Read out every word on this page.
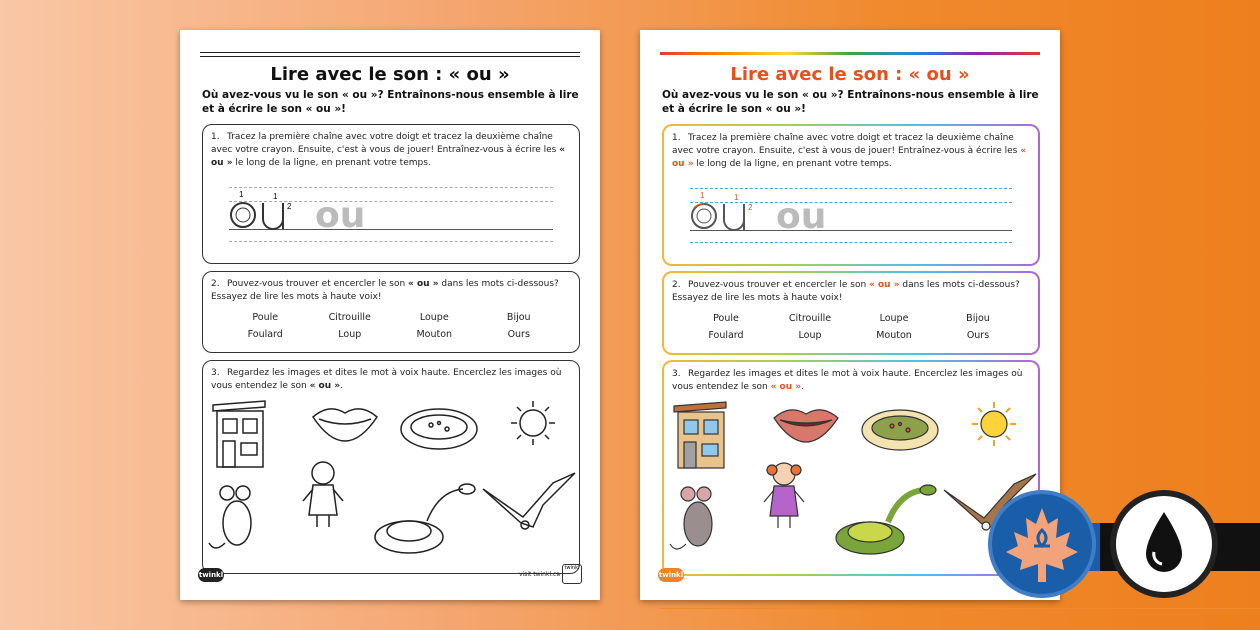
Lire avec le son : « ou »
Où avez-vous vu le son « ou »? Entraînons-nous ensemble à lire et à écrire le son « ou »!
1. Tracez la première chaîne avec votre doigt et tracez la deuxième chaîne avec votre crayon. Ensuite, c'est à vous de jouer! Entraînez-vous à écrire les « ou » le long de la ligne, en prenant votre temps.
1	1
2 ou
2. Pouvez-vous trouver et encercler le son « ou » dans les mots ci-dessous? Essayez de lire les mots à haute voix!
Poule	Citrouille	Loupe	Bijou
Foulard	Loup	Mouton	Ours
3. Regardez les images et dites le mot à voix haute. Encerclez les images où vous entendez le son « ou ».
twinkl	visit twinkl.ca
twinkl
Lire avec le son : « ou »
Où avez-vous vu le son « ou »? Entraînons-nous ensemble à lire et à écrire le son « ou »!
1. Tracez la première chaîne avec votre doigt et tracez la deuxième chaîne avec votre crayon. Ensuite, c'est à vous de jouer! Entraînez-vous à écrire les « ou » le long de la ligne, en prenant votre temps.
1	1
2 ou
2. Pouvez-vous trouver et encercler le son « ou » dans les mots ci-dessous? Essayez de lire les mots à haute voix!
Poule	Citrouille	Loupe	Bijou
Foulard	Loup	Mouton	Ours
3. Regardez les images et dites le mot à voix haute. Encerclez les images où vous entendez le son « ou ».
twinkl
